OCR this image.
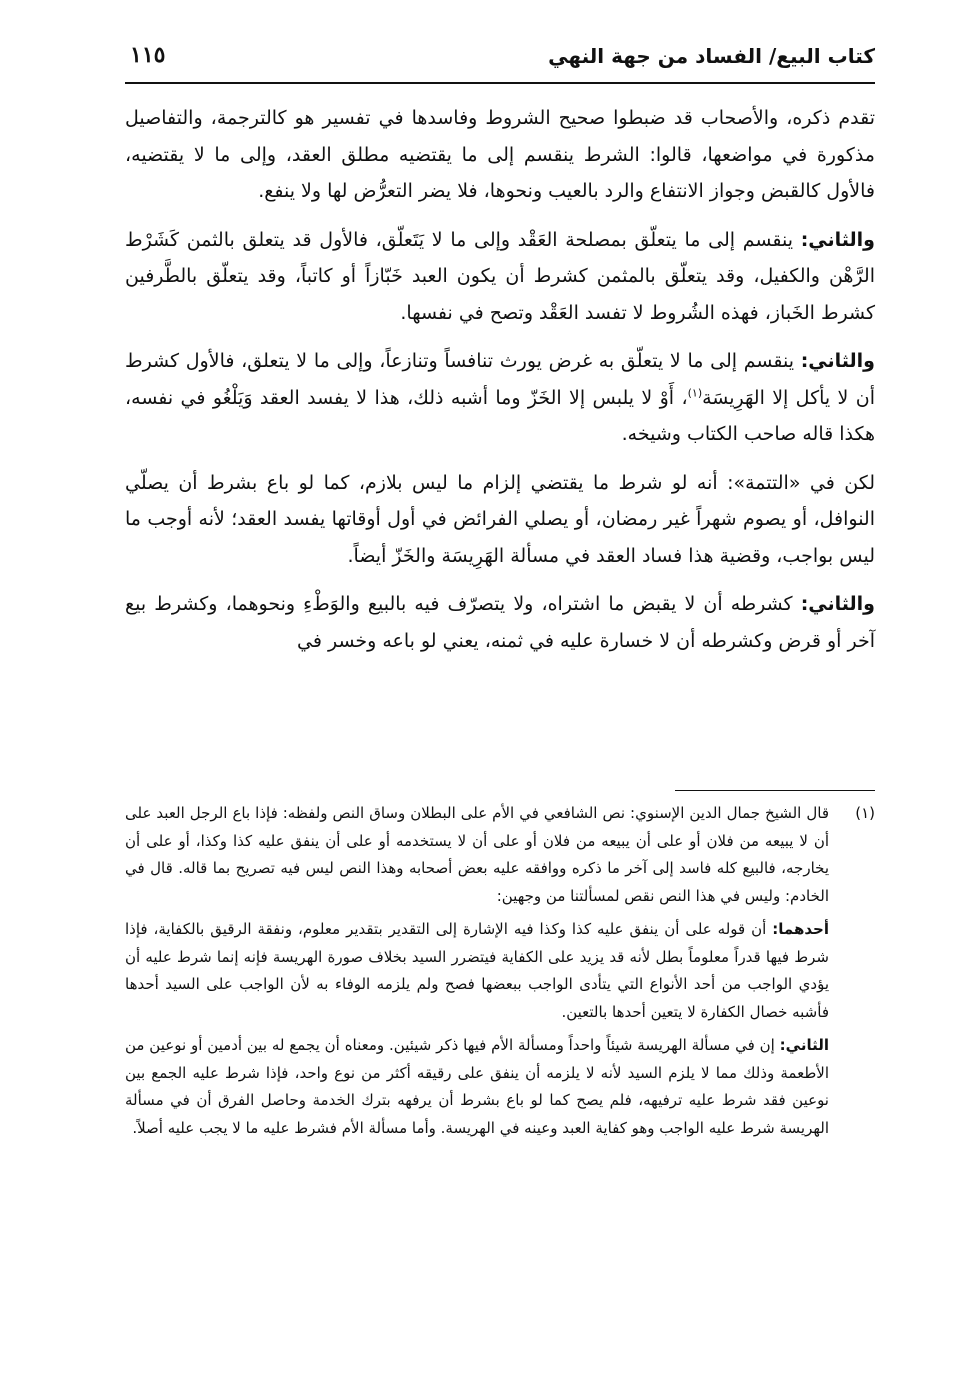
١١٥	كتاب البيع/ الفساد من جهة النهي

تقدم ذكره، والأصحاب قد ضبطوا صحيح الشروط وفاسدها في تفسير هو كالترجمة، والتفاصيل مذكورة في مواضعها، قالوا: الشرط ينقسم إلى ما يقتضيه مطلق العقد، وإلى ما لا يقتضيه، فالأول كالقبض وجواز الانتفاع والرد بالعيب ونحوها، فلا يضر التعرُّض لها ولا ينفع.

والثاني: ينقسم إلى ما يتعلّق بمصلحة العَقْد وإلى ما لا يَتَعلّق، فالأول قد يتعلق بالثمن كَشَرْط الرَّهْن والكفيل، وقد يتعلّق بالمثمن كشرط أن يكون العبد خَبّازاً أو كاتباً، وقد يتعلّق بالطَّرفين كشرط الخَباز، فهذه الشُروط لا تفسد العَقْد وتصح في نفسها.

والثاني: ينقسم إلى ما لا يتعلّق به غرض يورث تنافساً وتنازعاً، وإلى ما لا يتعلق، فالأول كشرط أن لا يأكل إلا الهَرِيسَة$^{(١)}$، أَوْ لا يلبس إلا الخَزّ وما أشبه ذلك، هذا لا يفسد العقد وَيَلْغُو في نفسه، هكذا قاله صاحب الكتاب وشيخه.

لكن في «التتمة»: أنه لو شرط ما يقتضي إلزام ما ليس بلازم، كما لو باع بشرط أن يصلّي النوافل، أو يصوم شهراً غير رمضان، أو يصلي الفرائض في أول أوقاتها يفسد العقد؛ لأنه أوجب ما ليس بواجب، وقضية هذا فساد العقد في مسألة الهَرِيسَة والخَزّ أيضاً.

والثاني: كشرطه أن لا يقبض ما اشتراه، ولا يتصرّف فيه بالبيع والوَطْءِ ونحوهما، وكشرط بيع آخر أو قرض وكشرطه أن لا خسارة عليه في ثمنه، يعني لو باعه وخسر في

(١)
قال الشيخ جمال الدين الإسنوي: نص الشافعي في الأم على البطلان وساق النص ولفظه: فإذا باع الرجل العبد على أن لا يبيعه من فلان أو على أن يبيعه من فلان أو على أن لا يستخدمه أو على أن ينفق عليه كذا وكذا، أو على أن يخارجه، فالبيع كله فاسد إلى آخر ما ذكره ووافقه عليه بعض أصحابه وهذا النص ليس فيه تصريح بما قاله. قال في الخادم: وليس في هذا النص نقص لمسألتنا من وجهين:

أحدهما: أن قوله على أن ينفق عليه كذا وكذا فيه الإشارة إلى التقدير بتقدير معلوم، ونفقة الرقيق بالكفاية، فإذا شرط فيها قدراً معلوماً بطل لأنه قد يزيد على الكفاية فيتضرر السيد بخلاف صورة الهريسة فإنه إنما شرط عليه أن يؤدي الواجب من أحد الأنواع التي يتأدى الواجب ببعضها فصح ولم يلزمه الوفاء به لأن الواجب على السيد أحدها فأشبه خصال الكفارة لا يتعين أحدها بالتعين.

الثاني: إن في مسألة الهريسة شيئاً واحداً ومسألة الأم فيها ذكر شيئين. ومعناه أن يجمع له بين أدمين أو نوعين من الأطعمة وذلك مما لا يلزم السيد لأنه لا يلزمه أن ينفق على رقيقه أكثر من نوع واحد، فإذا شرط عليه الجمع بين نوعين فقد شرط عليه ترفيهه، فلم يصح كما لو باع بشرط أن يرفهه بترك الخدمة وحاصل الفرق أن في مسألة الهريسة شرط عليه الواجب وهو كفاية العبد وعينه في الهريسة. وأما مسألة الأم فشرط عليه ما لا يجب عليه أصلاً.
